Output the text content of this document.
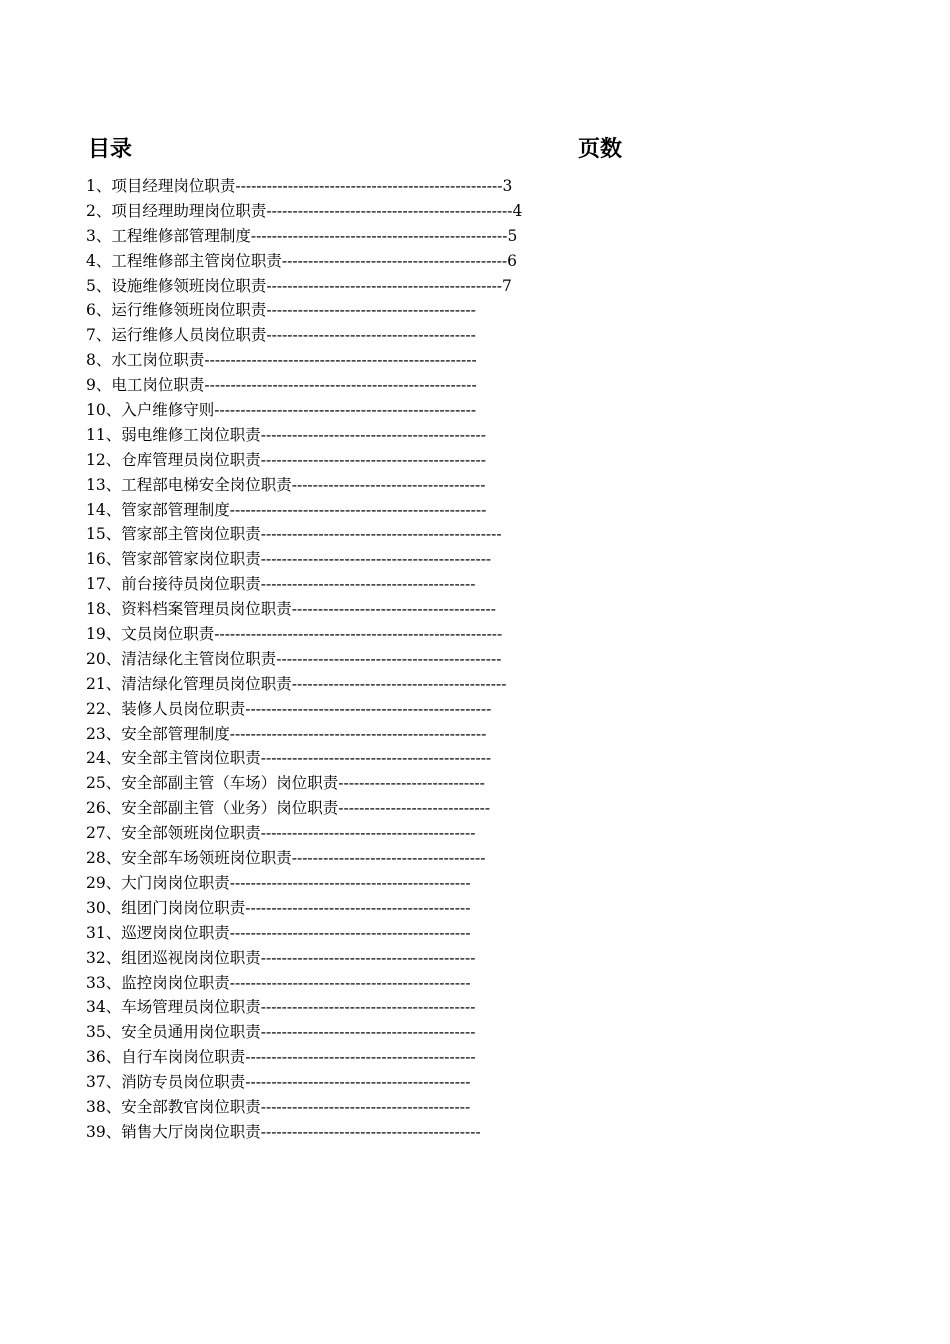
目录	页数
1、项目经理岗位职责---------------------------------------------------3
2、项目经理助理岗位职责-----------------------------------------------4
3、工程维修部管理制度-------------------------------------------------5
4、工程维修部主管岗位职责-------------------------------------------6
5、设施维修领班岗位职责---------------------------------------------7
6、运行维修领班岗位职责----------------------------------------
7、运行维修人员岗位职责----------------------------------------
8、水工岗位职责----------------------------------------------------
9、电工岗位职责----------------------------------------------------
10、入户维修守则--------------------------------------------------
11、弱电维修工岗位职责-------------------------------------------
12、仓库管理员岗位职责-------------------------------------------
13、工程部电梯安全岗位职责-------------------------------------
14、管家部管理制度-------------------------------------------------
15、管家部主管岗位职责----------------------------------------------
16、管家部管家岗位职责--------------------------------------------
17、前台接待员岗位职责-----------------------------------------
18、资料档案管理员岗位职责---------------------------------------
19、文员岗位职责-------------------------------------------------------
20、清洁绿化主管岗位职责-------------------------------------------
21、清洁绿化管理员岗位职责-----------------------------------------
22、装修人员岗位职责-----------------------------------------------
23、安全部管理制度-------------------------------------------------
24、安全部主管岗位职责--------------------------------------------
25、安全部副主管（车场）岗位职责----------------------------
26、安全部副主管（业务）岗位职责-----------------------------
27、安全部领班岗位职责-----------------------------------------
28、安全部车场领班岗位职责-------------------------------------
29、大门岗岗位职责----------------------------------------------
30、组团门岗岗位职责-------------------------------------------
31、巡逻岗岗位职责----------------------------------------------
32、组团巡视岗岗位职责-----------------------------------------
33、监控岗岗位职责----------------------------------------------
34、车场管理员岗位职责-----------------------------------------
35、安全员通用岗位职责-----------------------------------------
36、自行车岗岗位职责--------------------------------------------
37、消防专员岗位职责-------------------------------------------
38、安全部教官岗位职责----------------------------------------
39、销售大厅岗岗位职责------------------------------------------
